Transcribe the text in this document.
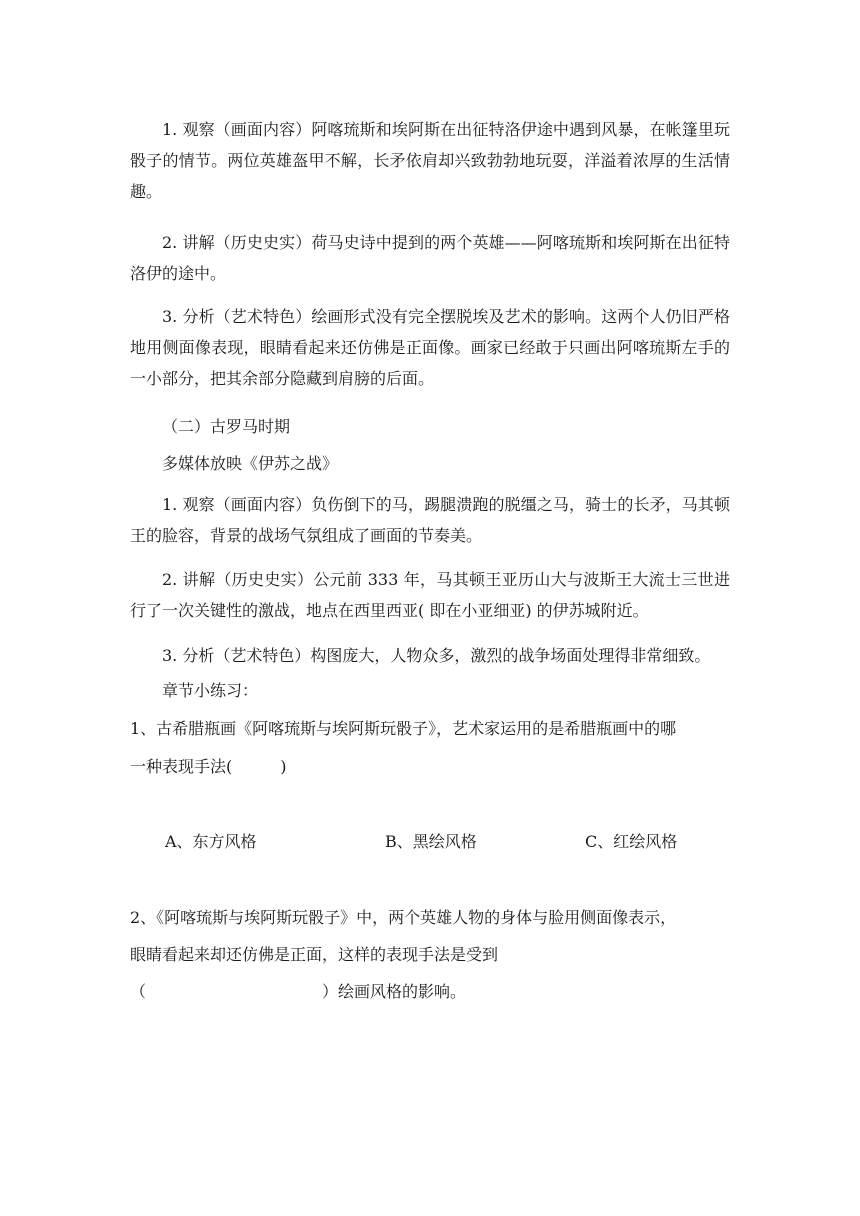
1. 观察（画面内容）阿喀琉斯和埃阿斯在出征特洛伊途中遇到风暴，在帐篷里玩骰子的情节。两位英雄盔甲不解，长矛依肩却兴致勃勃地玩耍，洋溢着浓厚的生活情趣。

2. 讲解（历史史实）荷马史诗中提到的两个英雄——阿喀琉斯和埃阿斯在出征特洛伊的途中。

3. 分析（艺术特色）绘画形式没有完全摆脱埃及艺术的影响。这两个人仍旧严格地用侧面像表现，眼睛看起来还仿佛是正面像。画家已经敢于只画出阿喀琉斯左手的一小部分，把其余部分隐藏到肩膀的后面。

（二）古罗马时期

多媒体放映《伊苏之战》

1. 观察（画面内容）负伤倒下的马，踢腿溃跑的脱缰之马，骑士的长矛，马其顿王的脸容，背景的战场气氛组成了画面的节奏美。

2. 讲解（历史史实）公元前 333 年，马其顿王亚历山大与波斯王大流士三世进行了一次关键性的激战，地点在西里西亚( 即在小亚细亚) 的伊苏城附近。

3. 分析（艺术特色）构图庞大，人物众多，激烈的战争场面处理得非常细致。

章节小练习：

1、古希腊瓶画《阿喀琉斯与埃阿斯玩骰子》，艺术家运用的是希腊瓶画中的哪

一种表现手法(　　　)

A、东方风格	B、黑绘风格	C、红绘风格

2、《阿喀琉斯与埃阿斯玩骰子》中，两个英雄人物的身体与脸用侧面像表示，

眼睛看起来却还仿佛是正面，这样的表现手法是受到

（　　　　　　　　　　　）绘画风格的影响。
